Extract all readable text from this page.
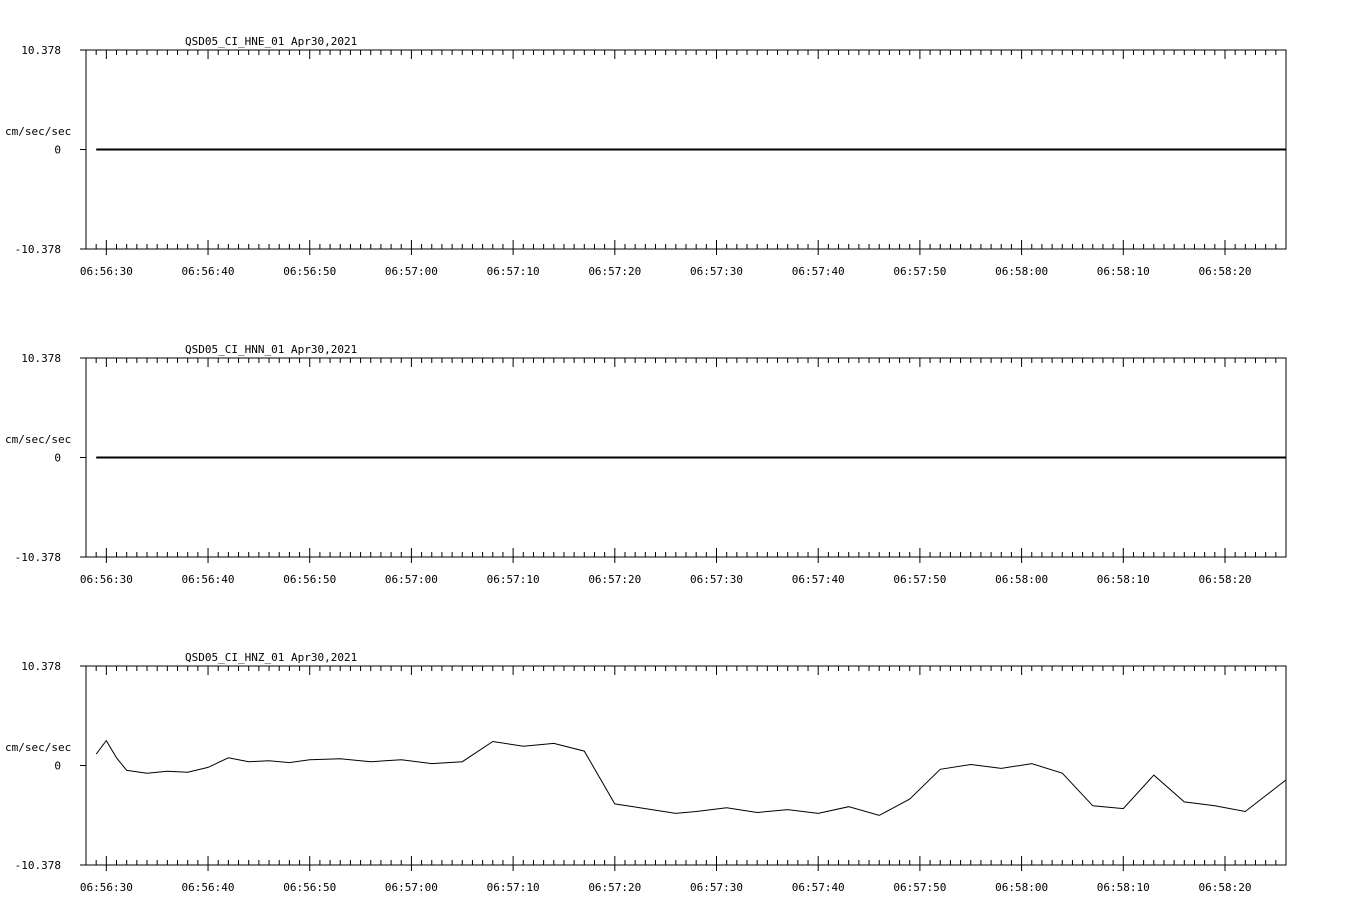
QSD05_CI_HNE_01 Apr30,2021
cm/sec/sec
10.378
0
-10.378
06:56:30	06:56:40	06:56:50	06:57:00	06:57:10	06:57:20	06:57:30	06:57:40	06:57:50	06:58:00	06:58:10	06:58:20
QSD05_CI_HNN_01 Apr30,2021
cm/sec/sec
10.378
0
-10.378
06:56:30	06:56:40	06:56:50	06:57:00	06:57:10	06:57:20	06:57:30	06:57:40	06:57:50	06:58:00	06:58:10	06:58:20
QSD05_CI_HNZ_01 Apr30,2021
cm/sec/sec
10.378
0
-10.378
06:56:30	06:56:40	06:56:50	06:57:00	06:57:10	06:57:20	06:57:30	06:57:40	06:57:50	06:58:00	06:58:10	06:58:20
